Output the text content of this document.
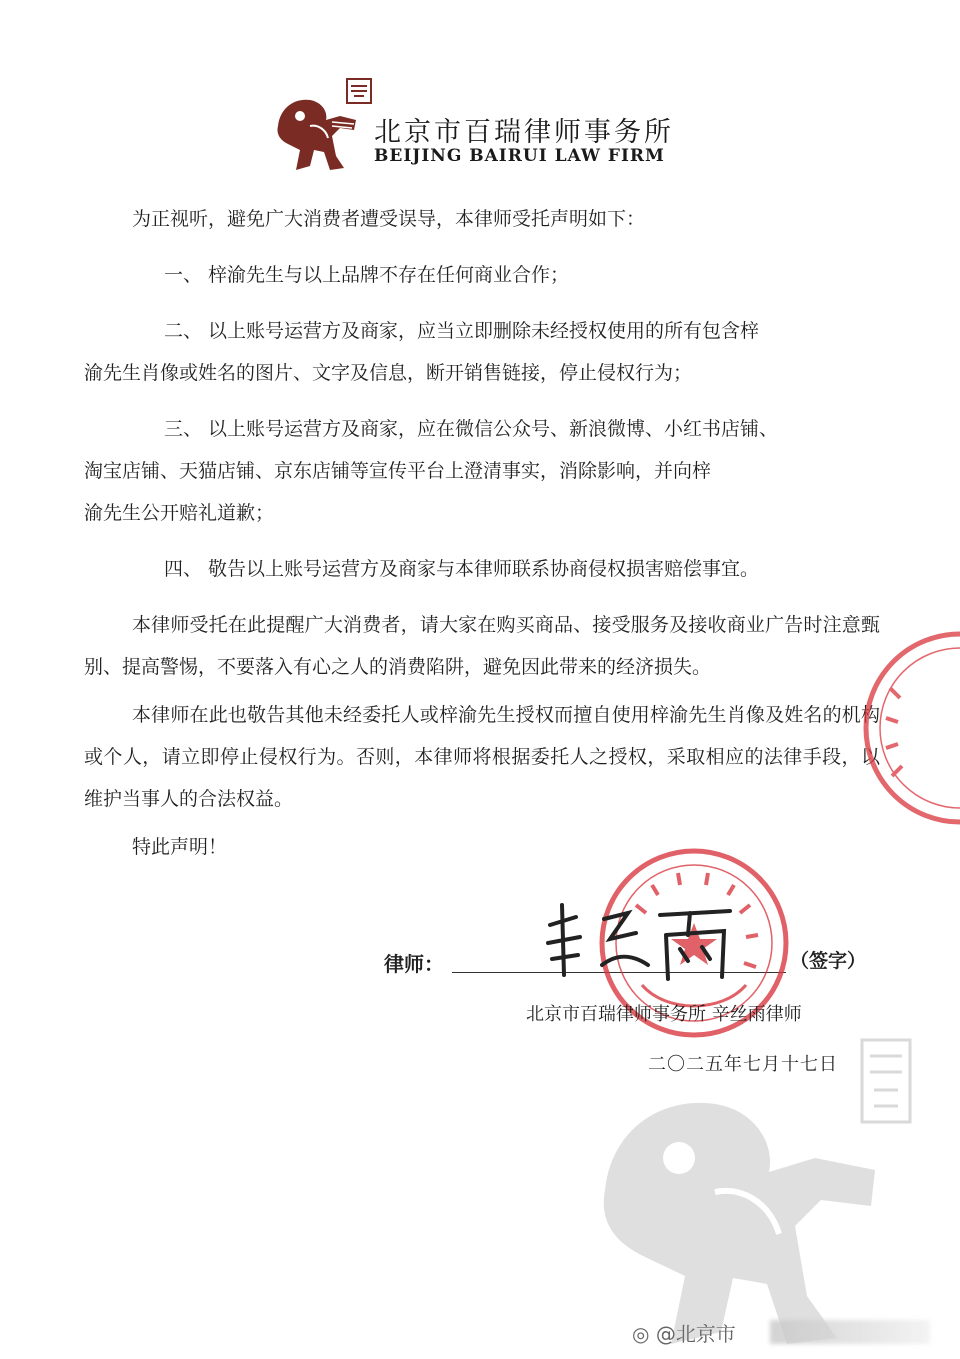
北京市百瑞律师事务所
BEIJING BAIRUI LAW FIRM

为正视听，避免广大消费者遭受误导，本律师受托声明如下：

一、 梓渝先生与以上品牌不存在任何商业合作；

二、 以上账号运营方及商家，应当立即删除未经授权使用的所有包含梓

渝先生肖像或姓名的图片、文字及信息，断开销售链接，停止侵权行为；

三、 以上账号运营方及商家，应在微信公众号、新浪微博、小红书店铺、

淘宝店铺、天猫店铺、京东店铺等宣传平台上澄清事实，消除影响，并向梓

渝先生公开赔礼道歉；

四、 敬告以上账号运营方及商家与本律师联系协商侵权损害赔偿事宜。

本律师受托在此提醒广大消费者，请大家在购买商品、接受服务及接收商业广告时注意甄别、提高警惕，不要落入有心之人的消费陷阱，避免因此带来的经济损失。

本律师在此也敬告其他未经委托人或梓渝先生授权而擅自使用梓渝先生肖像及姓名的机构或个人，请立即停止侵权行为。否则，本律师将根据委托人之授权，采取相应的法律手段，以维护当事人的合法权益。

特此声明！

律师：	（签字）
北京市百瑞律师事务所 辛丝雨律师
二〇二五年七月十七日
◎ @北京市
